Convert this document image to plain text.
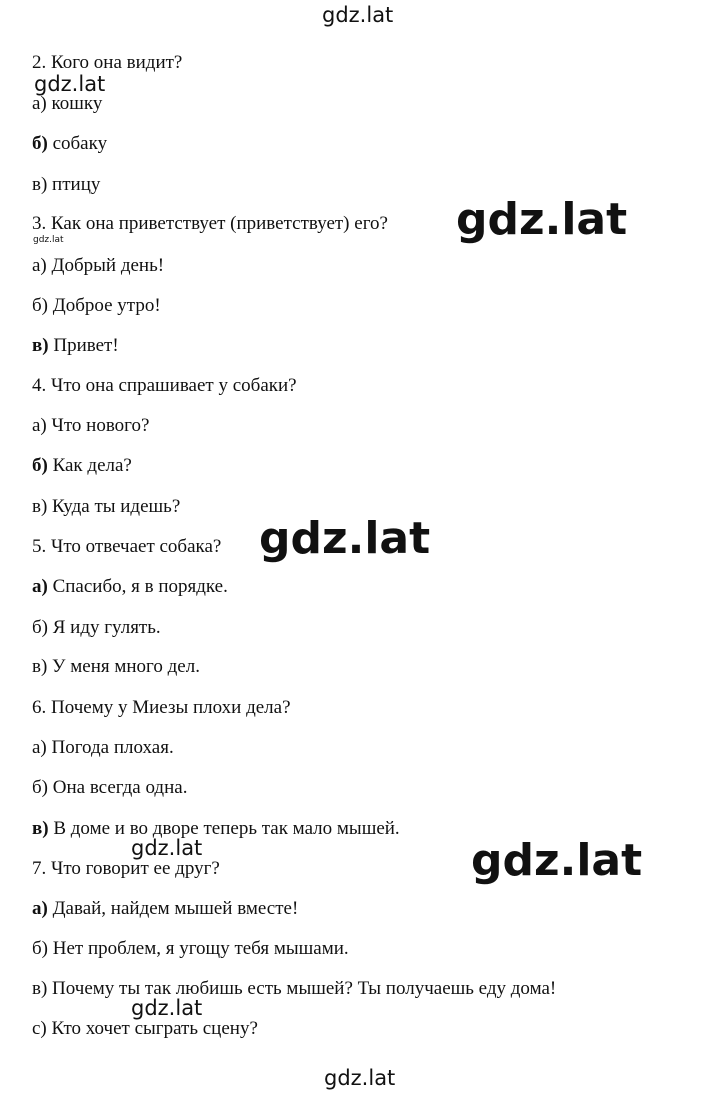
gdz.lat
gdz.lat
gdz.lat	gdz.lat
gdz.lat
gdz.lat
gdz.lat
gdz.lat
gdz.lat
2. Кого она видит?
а) кошку
б) собаку
в) птицу
3. Как она приветствует (приветствует) его?
а) Добрый день!
б) Доброе утро!
в) Привет!
4. Что она спрашивает у собаки?
а) Что нового?
б) Как дела?
в) Куда ты идешь?
5. Что отвечает собака?
а) Спасибо, я в порядке.
б) Я иду гулять.
в) У меня много дел.
6. Почему у Миезы плохи дела?
а) Погода плохая.
б) Она всегда одна.
в) В доме и во дворе теперь так мало мышей.
7. Что говорит ее друг?
а) Давай, найдем мышей вместе!
б) Нет проблем, я угощу тебя мышами.
в) Почему ты так любишь есть мышей? Ты получаешь еду дома!
с) Кто хочет сыграть сцену?
